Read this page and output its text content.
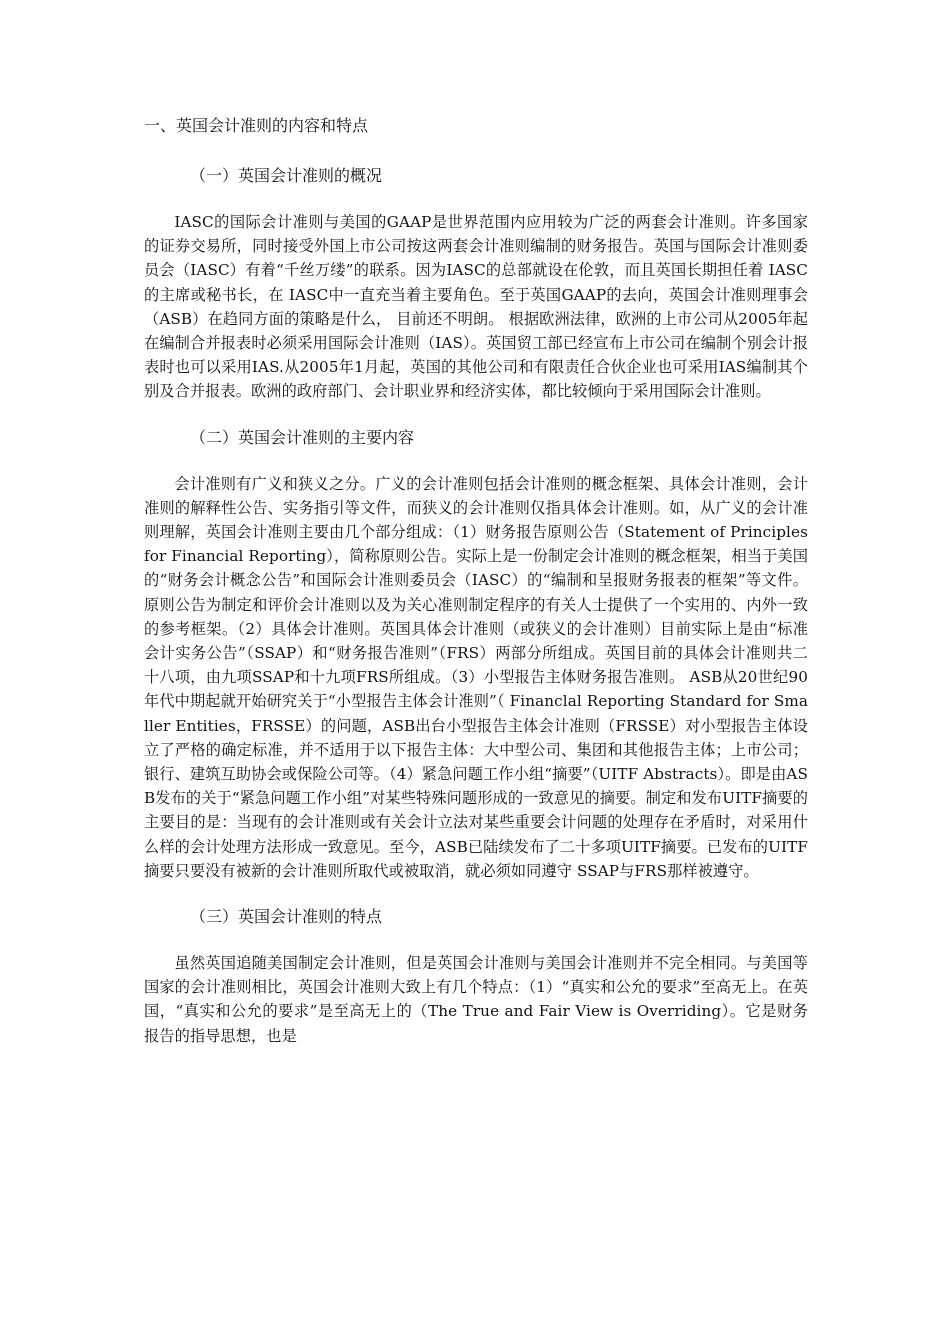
一、英国会计准则的内容和特点
（一）英国会计准则的概况

IASC的国际会计准则与美国的GAAP是世界范围内应用较为广泛的两套会计准则。许多国家的证券交易所，同时接受外国上市公司按这两套会计准则编制的财务报告。英国与国际会计准则委员会（IASC）有着“千丝万缕”的联系。因为IASC的总部就设在伦敦，而且英国长期担任着 IASC的主席或秘书长，在 IASC中一直充当着主要角色。至于英国GAAP的去向，英国会计准则理事会（ASB）在趋同方面的策略是什么， 目前还不明朗。 根据欧洲法律，欧洲的上市公司从2005年起在编制合并报表时必须采用国际会计准则（IAS）。英国贸工部已经宣布上市公司在编制个别会计报表时也可以采用IAS.从2005年1月起，英国的其他公司和有限责任合伙企业也可采用IAS编制其个别及合并报表。欧洲的政府部门、会计职业界和经济实体，都比较倾向于采用国际会计准则。

（二）英国会计准则的主要内容

会计准则有广义和狭义之分。广义的会计准则包括会计准则的概念框架、具体会计准则，会计准则的解释性公告、实务指引等文件，而狭义的会计准则仅指具体会计准则。如，从广义的会计准则理解，英国会计准则主要由几个部分组成：（1）财务报告原则公告（Statement of Principles for Financial Reporting），简称原则公告。实际上是一份制定会计准则的概念框架，相当于美国的“财务会计概念公告”和国际会计准则委员会（IASC）的“编制和呈报财务报表的框架”等文件。原则公告为制定和评价会计准则以及为关心准则制定程序的有关人士提供了一个实用的、内外一致的参考框架。（2）具体会计准则。英国具体会计准则（或狭义的会计准则）目前实际上是由“标准会计实务公告”（SSAP）和“财务报告准则”（FRS）两部分所组成。英国目前的具体会计准则共二十八项，由九项SSAP和十九项FRS所组成。（3）小型报告主体财务报告准则。 ASB从20世纪90年代中期起就开始研究关于“小型报告主体会计准则”（ Financlal Reporting Standard for Smaller Entities，FRSSE）的问题，ASB出台小型报告主体会计准则（FRSSE）对小型报告主体设立了严格的确定标准，并不适用于以下报告主体：大中型公司、集团和其他报告主体；上市公司；银行、建筑互助协会或保险公司等。（4）紧急问题工作小组“摘要”（UITF Abstracts）。即是由ASB发布的关于“紧急问题工作小组”对某些特殊问题形成的一致意见的摘要。制定和发布UITF摘要的主要目的是：当现有的会计准则或有关会计立法对某些重要会计问题的处理存在矛盾时，对采用什么样的会计处理方法形成一致意见。至今，ASB已陆续发布了二十多项UITF摘要。已发布的UITF摘要只要没有被新的会计准则所取代或被取消，就必须如同遵守 SSAP与FRS那样被遵守。

（三）英国会计准则的特点

虽然英国追随美国制定会计准则，但是英国会计准则与美国会计准则并不完全相同。与美国等国家的会计准则相比，英国会计准则大致上有几个特点：（1）“真实和公允的要求”至高无上。在英国，“真实和公允的要求”是至高无上的（The True and Fair View is Overriding）。它是财务报告的指导思想，也是
